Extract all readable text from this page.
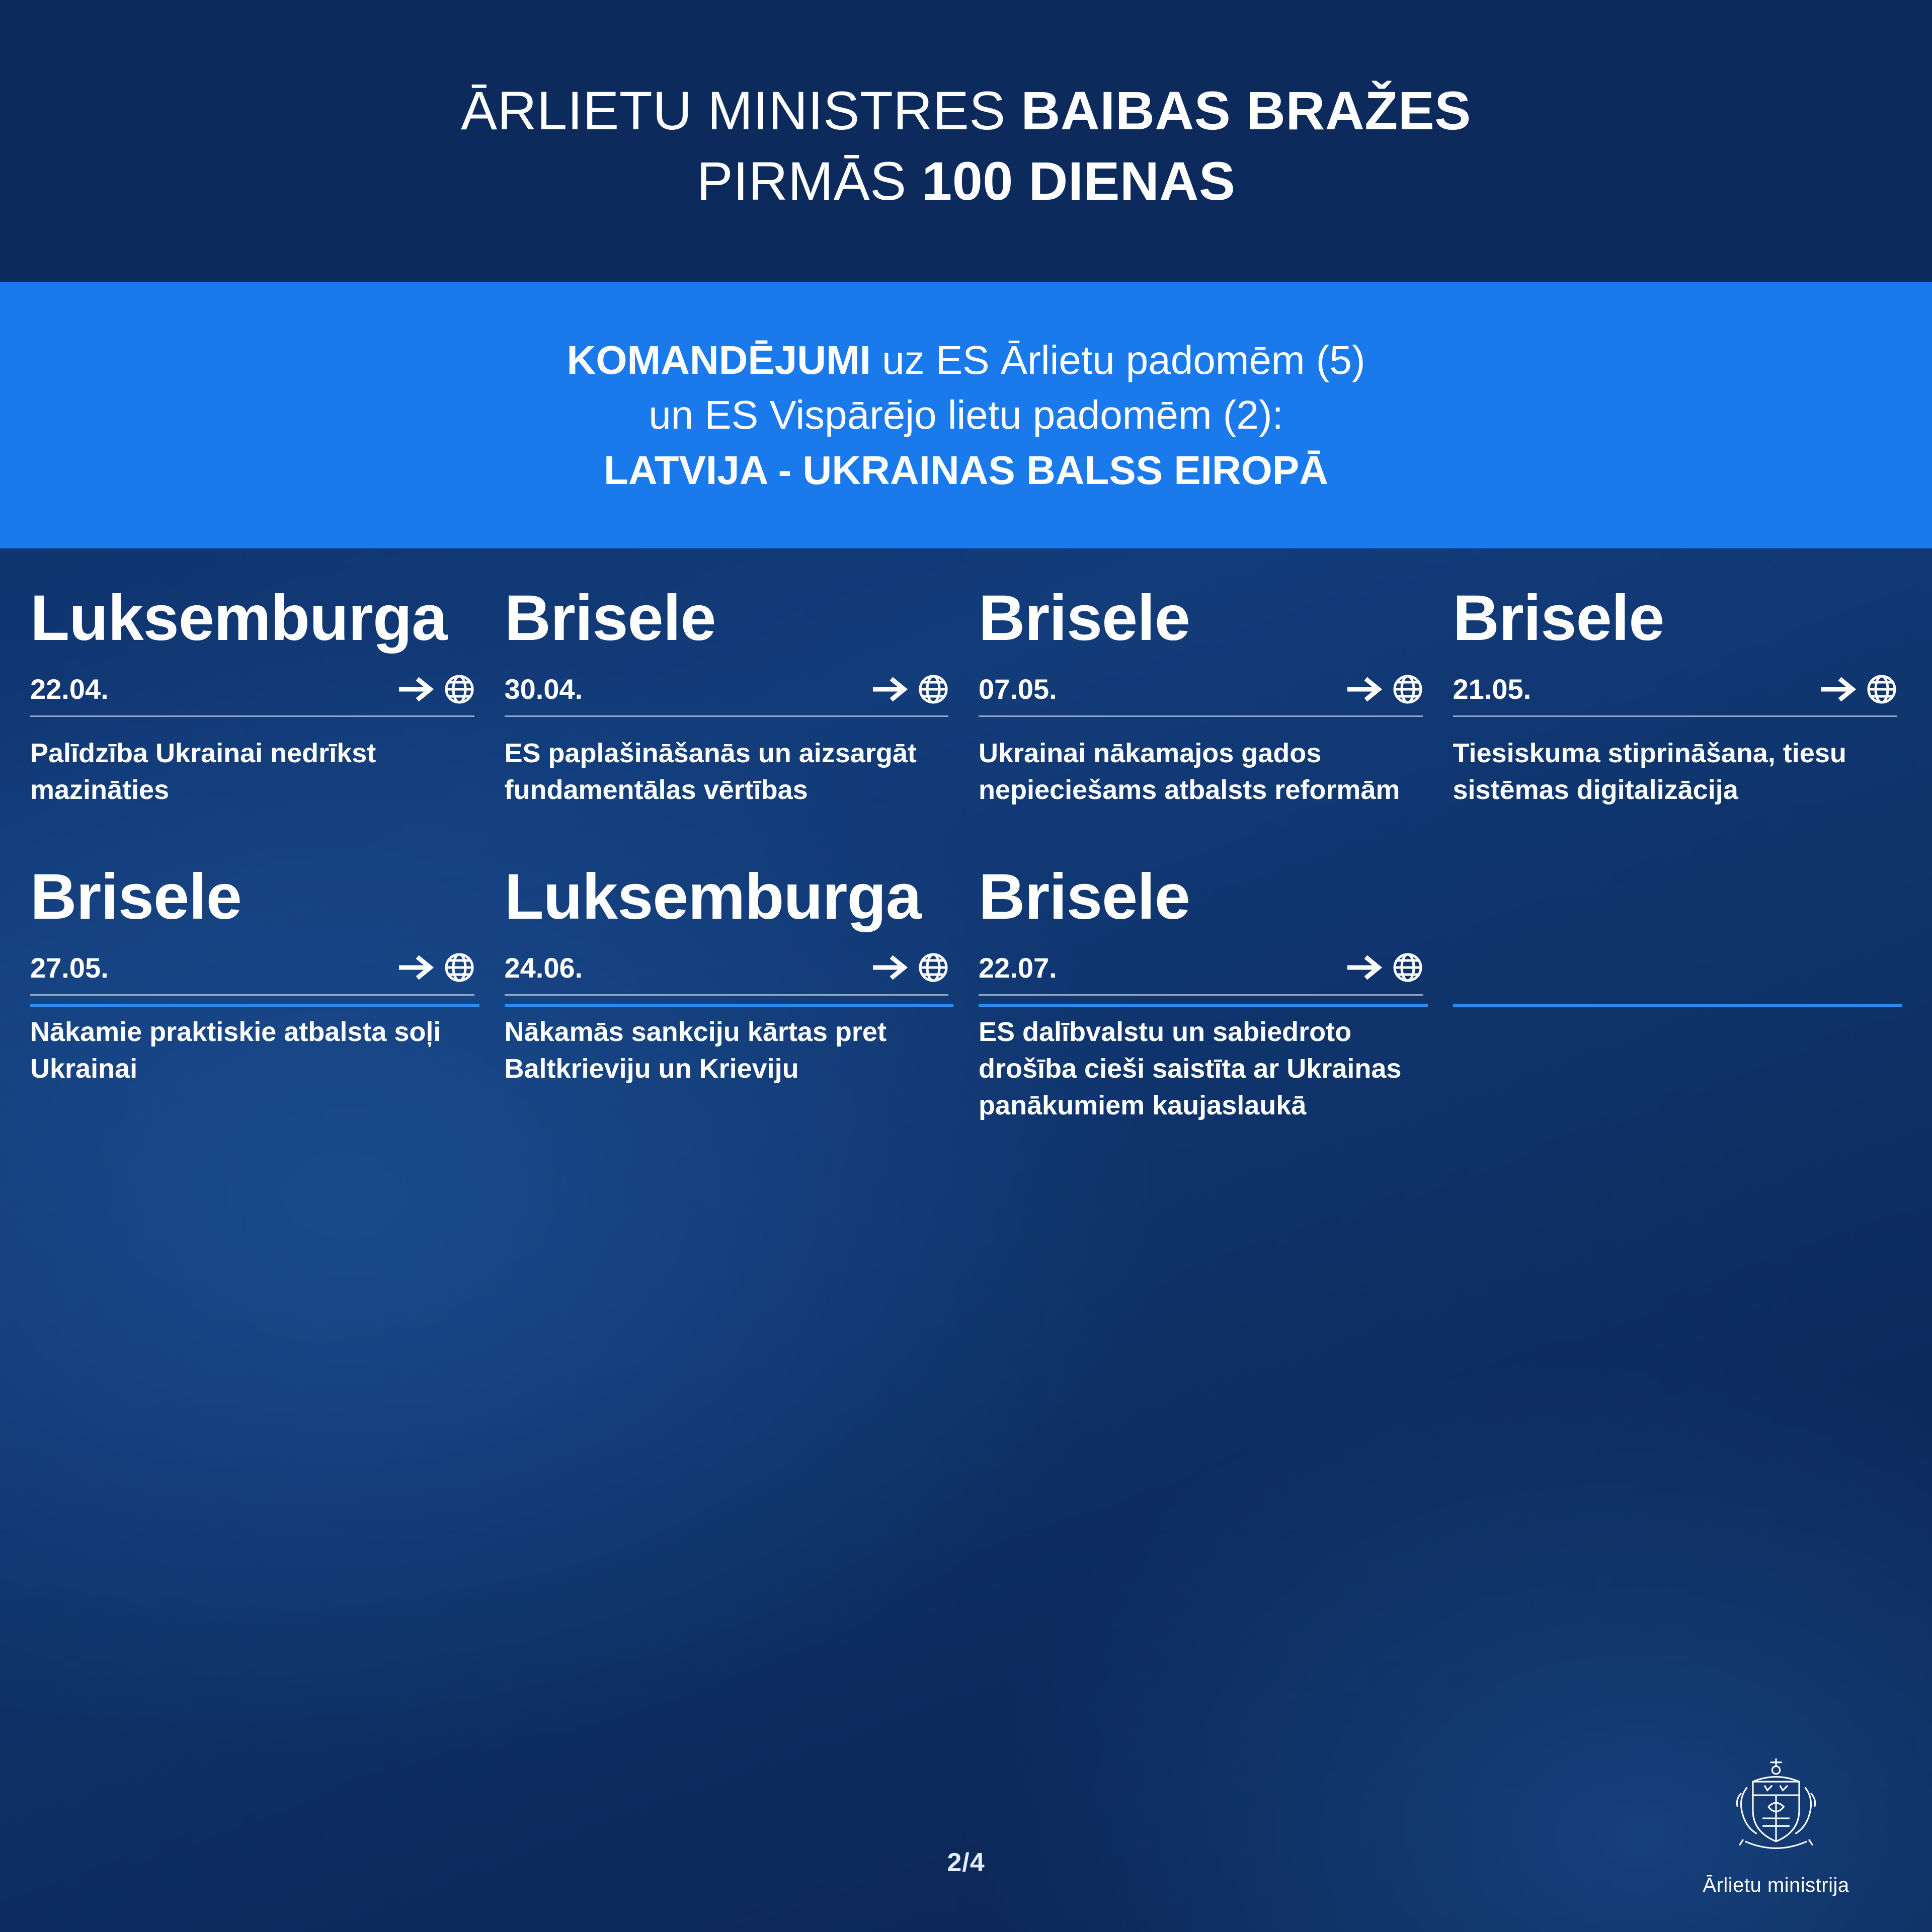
ĀRLIETU MINISTRES BAIBAS BRAŽES
PIRMĀS 100 DIENAS
KOMANDĒJUMI uz ES Ārlietu padomēm (5)
un ES Vispārējo lietu padomēm (2):
LATVIJA - UKRAINAS BALSS EIROPĀ
Luksemburga
22.04.
Palīdzība Ukrainai nedrīkst mazināties
Brisele
30.04.
ES paplašināšanās un aizsargāt fundamentālas vērtības
Brisele
07.05.
Ukrainai nākamajos gados nepieciešams atbalsts reformām
Brisele
21.05.
Tiesiskuma stiprināšana, tiesu sistēmas digitalizācija
Brisele
27.05.
Nākamie praktiskie atbalsta soļi Ukrainai
Luksemburga
24.06.
Nākamās sankciju kārtas pret Baltkrieviju un Krieviju
Brisele
22.07.
ES dalībvalstu un sabiedroto drošība cieši saistīta ar Ukrainas panākumiem kaujaslaukā
2/4
Ārlietu ministrija
